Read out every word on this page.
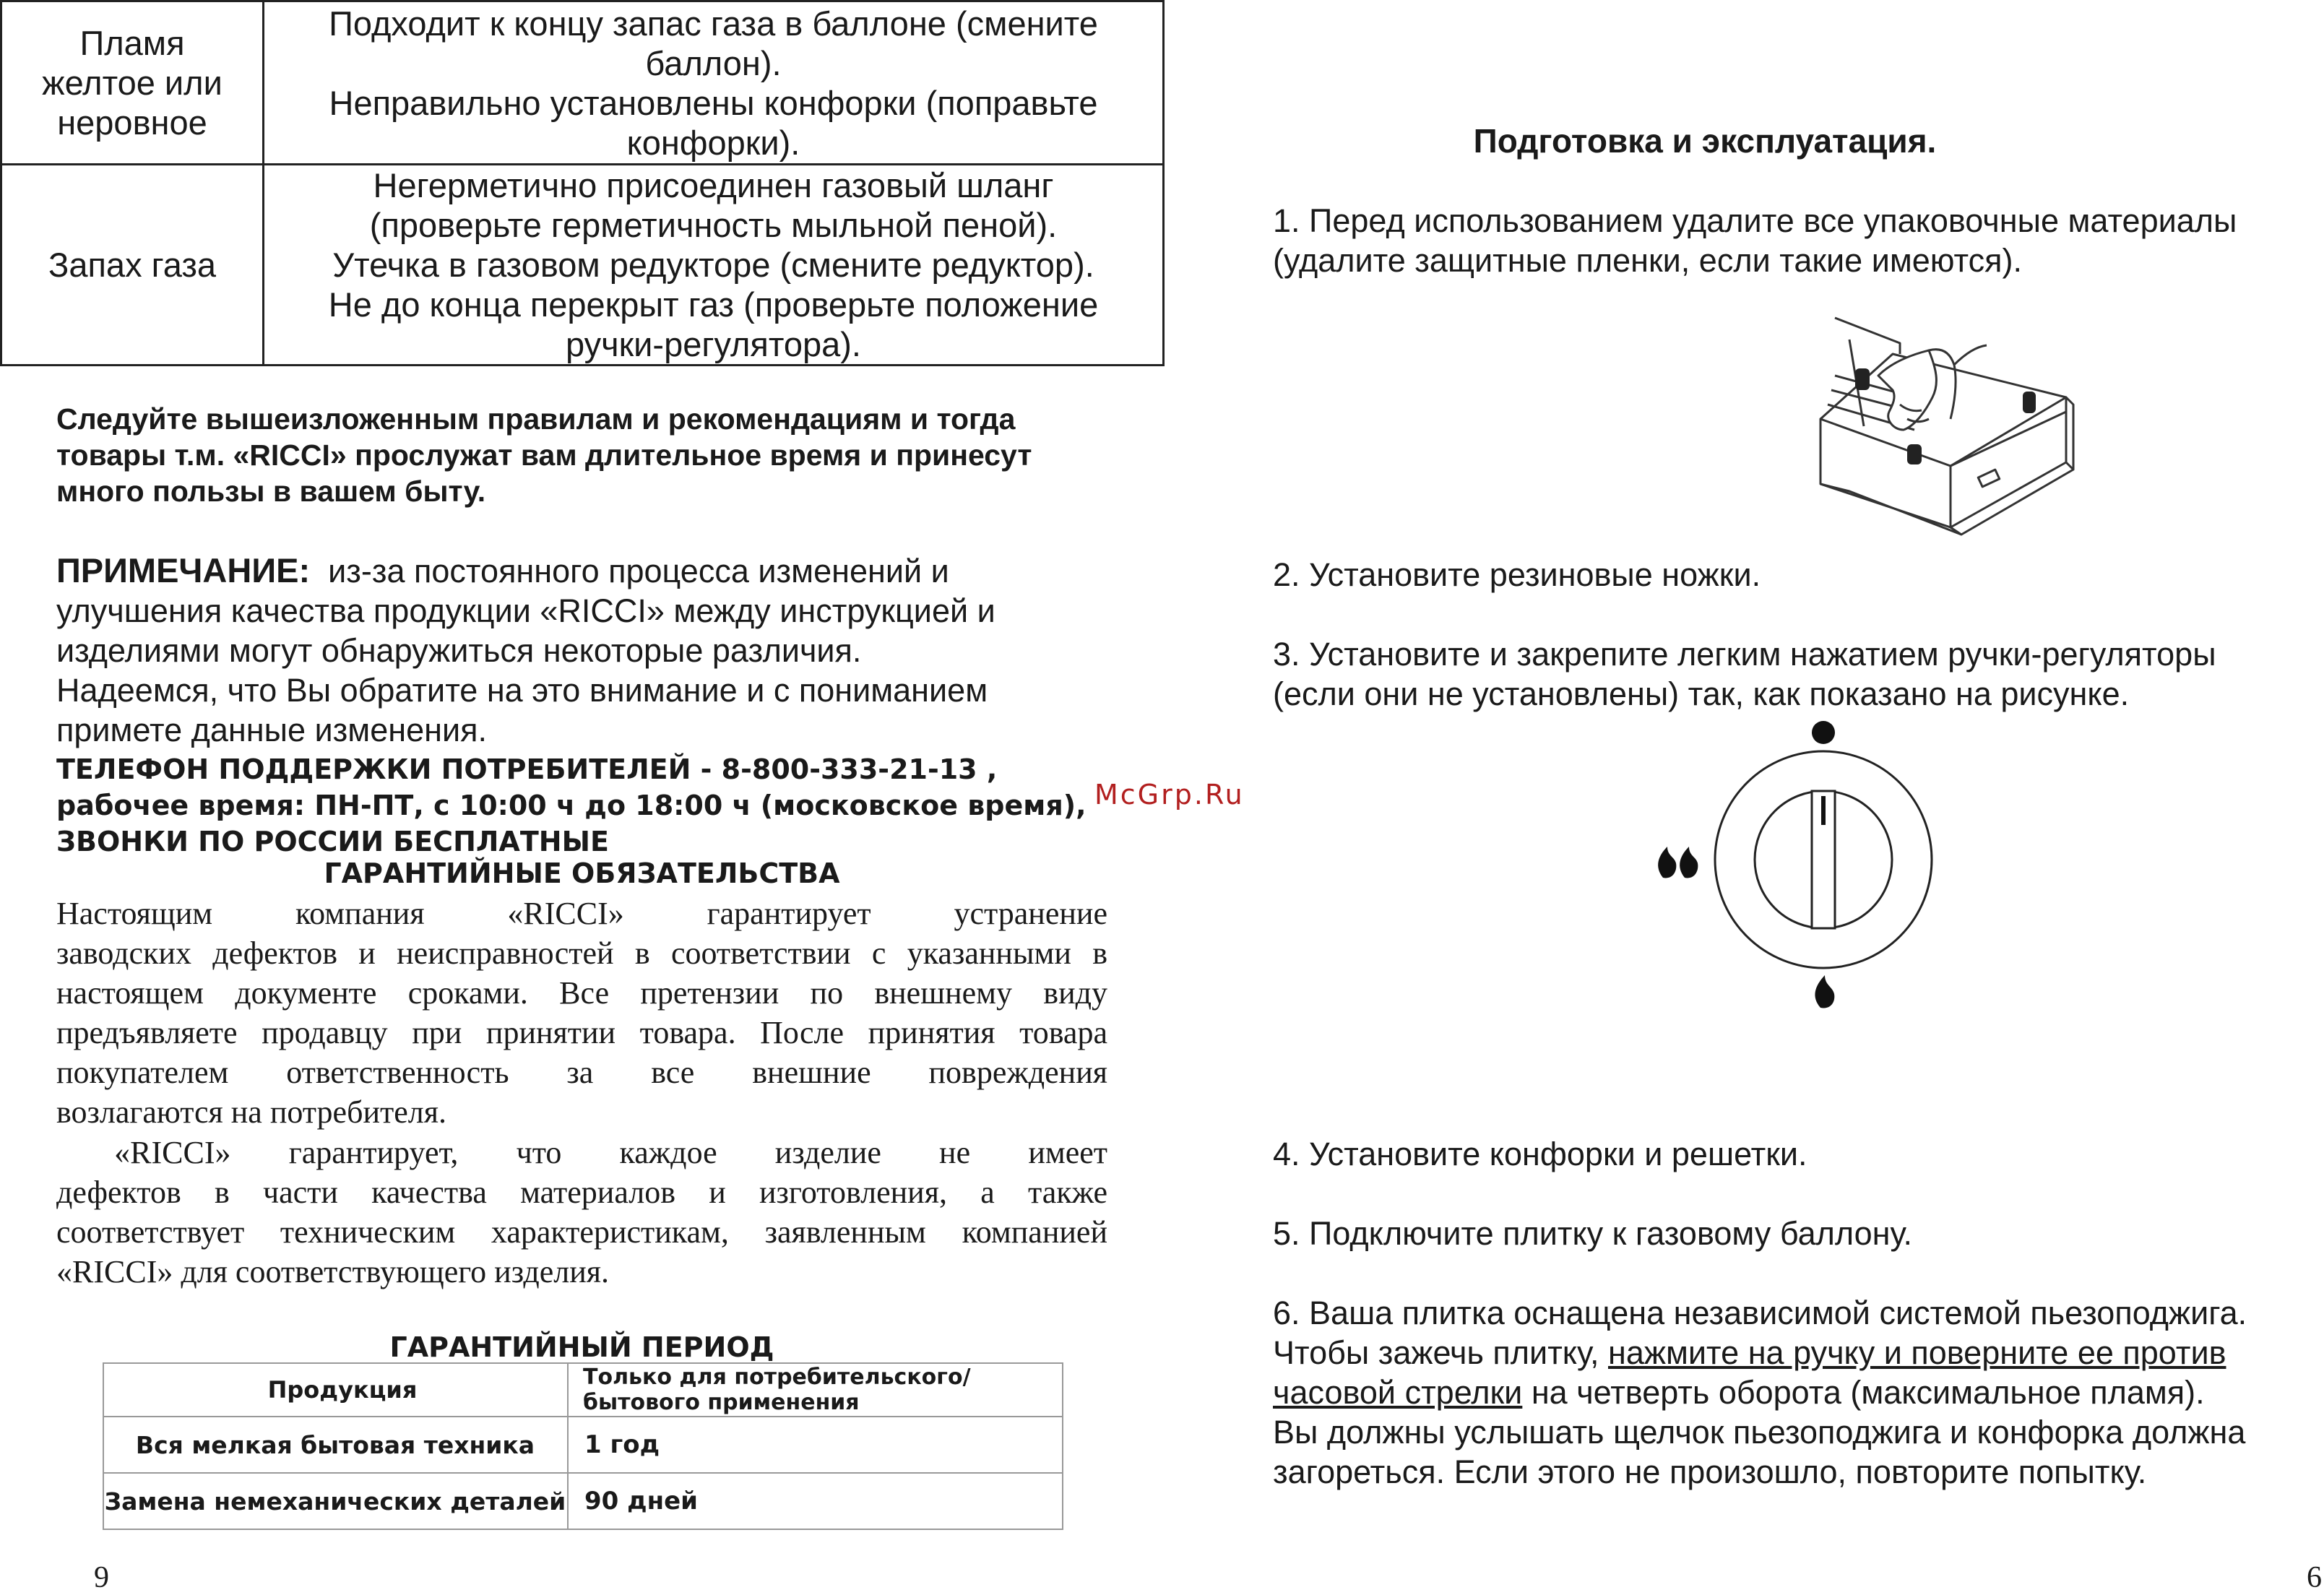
Пламя
желтое или
неровное	Подходит к концу запас газа в баллоне (смените
баллон).
Неправильно установлены конфорки (поправьте
конфорки).

Запах газа	Негерметично присоединен газовый шланг
(проверьте герметичность мыльной пеной).
Утечка в газовом редукторе (смените редуктор).
Не до конца перекрыт газ (проверьте положение
ручки-регулятора).
Следуйте вышеизложенным правилам и рекомендациям и тогда
товары т.м. «RICCI» прослужат вам длительное время и принесут
много пользы в вашем быту.
ПРИМЕЧАНИЕ: из-за постоянного процесса изменений и
улучшения качества продукции «RICCI» между инструкцией и
изделиями могут обнаружиться некоторые различия.
Надеемся, что Вы обратите на это внимание и с пониманием
примете данные изменения.
ТЕЛЕФОН ПОДДЕРЖКИ ПОТРЕБИТЕЛЕЙ - 8-800-333-21-13 ,
рабочее время: ПН-ПТ, с 10:00 ч до 18:00 ч (московское время),
ЗВОНКИ ПО РОССИИ БЕСПЛАТНЫЕ
McGrp.Ru
ГАРАНТИЙНЫЕ ОБЯЗАТЕЛЬСТВА
Настоящим компания «RICCI» гарантирует устранение
заводских дефектов и неисправностей в соответствии с указанными в
настоящем документе сроками. Все претензии по внешнему виду
предъявляете продавцу при принятии товара. После принятия товара
покупателем ответственность за все внешние повреждения
возлагаются на потребителя.
«RICCI» гарантирует, что каждое изделие не имеет
дефектов в части качества материалов и изготовления, а также
соответствует техническим характеристикам, заявленным компанией
«RICCI» для соответствующего изделия.
ГАРАНТИЙНЫЙ ПЕРИОД
Продукция	Только для потребительского/бытового применения
Вся мелкая бытовая техника	1 год
Замена немеханических деталей	90 дней
9
Подготовка и эксплуатация.
1. Перед использованием удалите все упаковочные материалы
(удалите защитные пленки, если такие имеются).
2. Установите резиновые ножки.
3. Установите и закрепите легким нажатием ручки-регуляторы
(если они не установлены) так, как показано на рисунке.
4. Установите конфорки и решетки.
5. Подключите плитку к газовому баллону.
6. Ваша плитка оснащена независимой системой пьезоподжига.
Чтобы зажечь плитку, нажмите на ручку и поверните ее против
часовой стрелки на четверть оборота (максимальное пламя).
Вы должны услышать щелчок пьезоподжига и конфорка должна
загореться. Если этого не произошло, повторите попытку.
6
